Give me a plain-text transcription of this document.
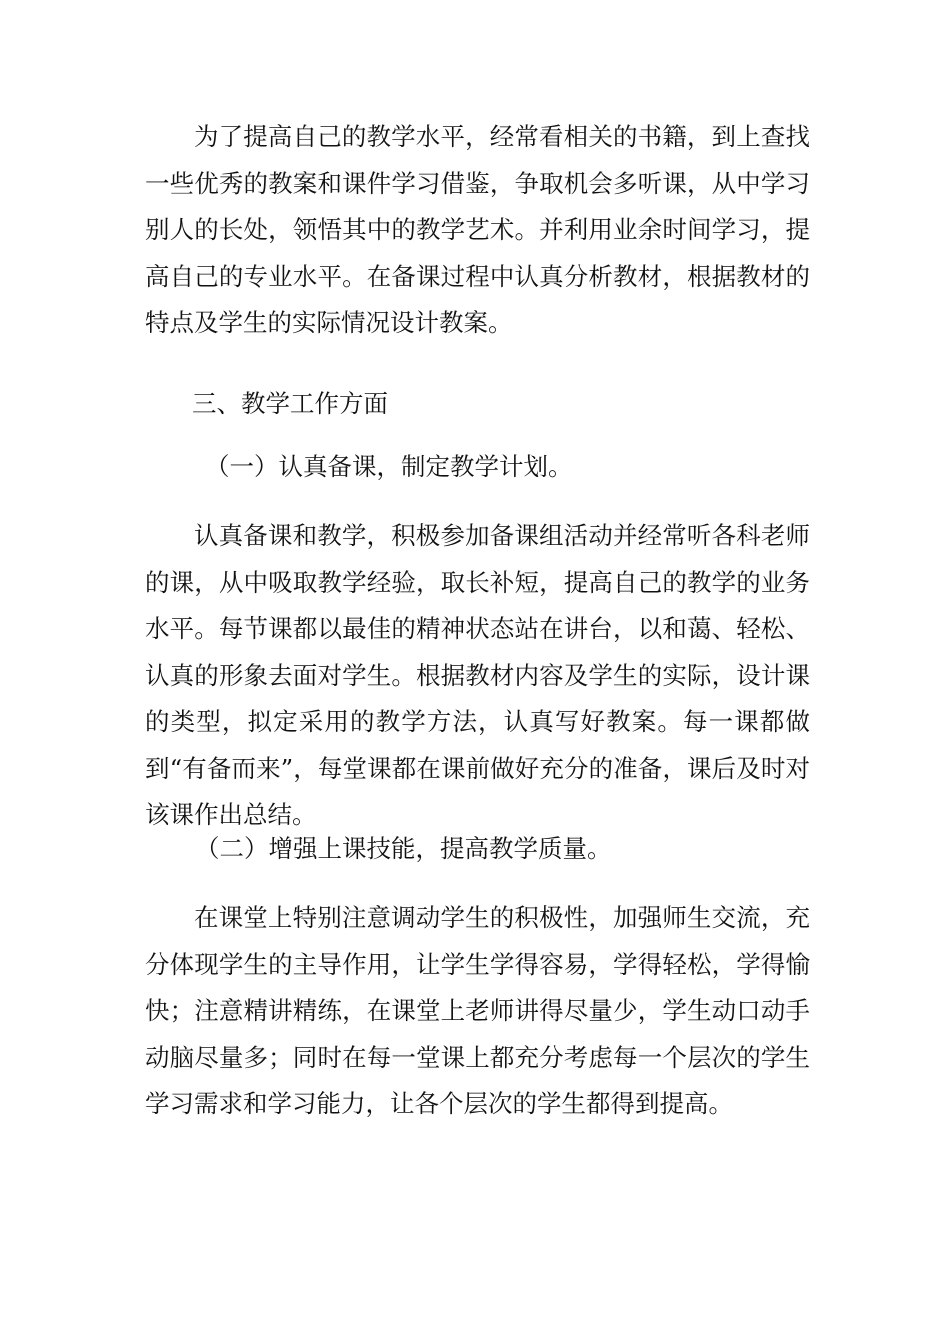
为了提高自己的教学水平，经常看相关的书籍，到上查找一些优秀的教案和课件学习借鉴，争取机会多听课，从中学习别人的长处，领悟其中的教学艺术。并利用业余时间学习，提高自己的专业水平。在备课过程中认真分析教材，根据教材的特点及学生的实际情况设计教案。

三、教学工作方面

（一）认真备课，制定教学计划。

认真备课和教学，积极参加备课组活动并经常听各科老师的课，从中吸取教学经验，取长补短，提高自己的教学的业务水平。每节课都以最佳的精神状态站在讲台，以和蔼、轻松、认真的形象去面对学生。根据教材内容及学生的实际，设计课的类型，拟定采用的教学方法，认真写好教案。每一课都做到“有备而来”，每堂课都在课前做好充分的准备，课后及时对该课作出总结。

（二）增强上课技能，提高教学质量。

在课堂上特别注意调动学生的积极性，加强师生交流，充分体现学生的主导作用，让学生学得容易，学得轻松，学得愉快；注意精讲精练，在课堂上老师讲得尽量少，学生动口动手动脑尽量多；同时在每一堂课上都充分考虑每一个层次的学生学习需求和学习能力，让各个层次的学生都得到提高。
